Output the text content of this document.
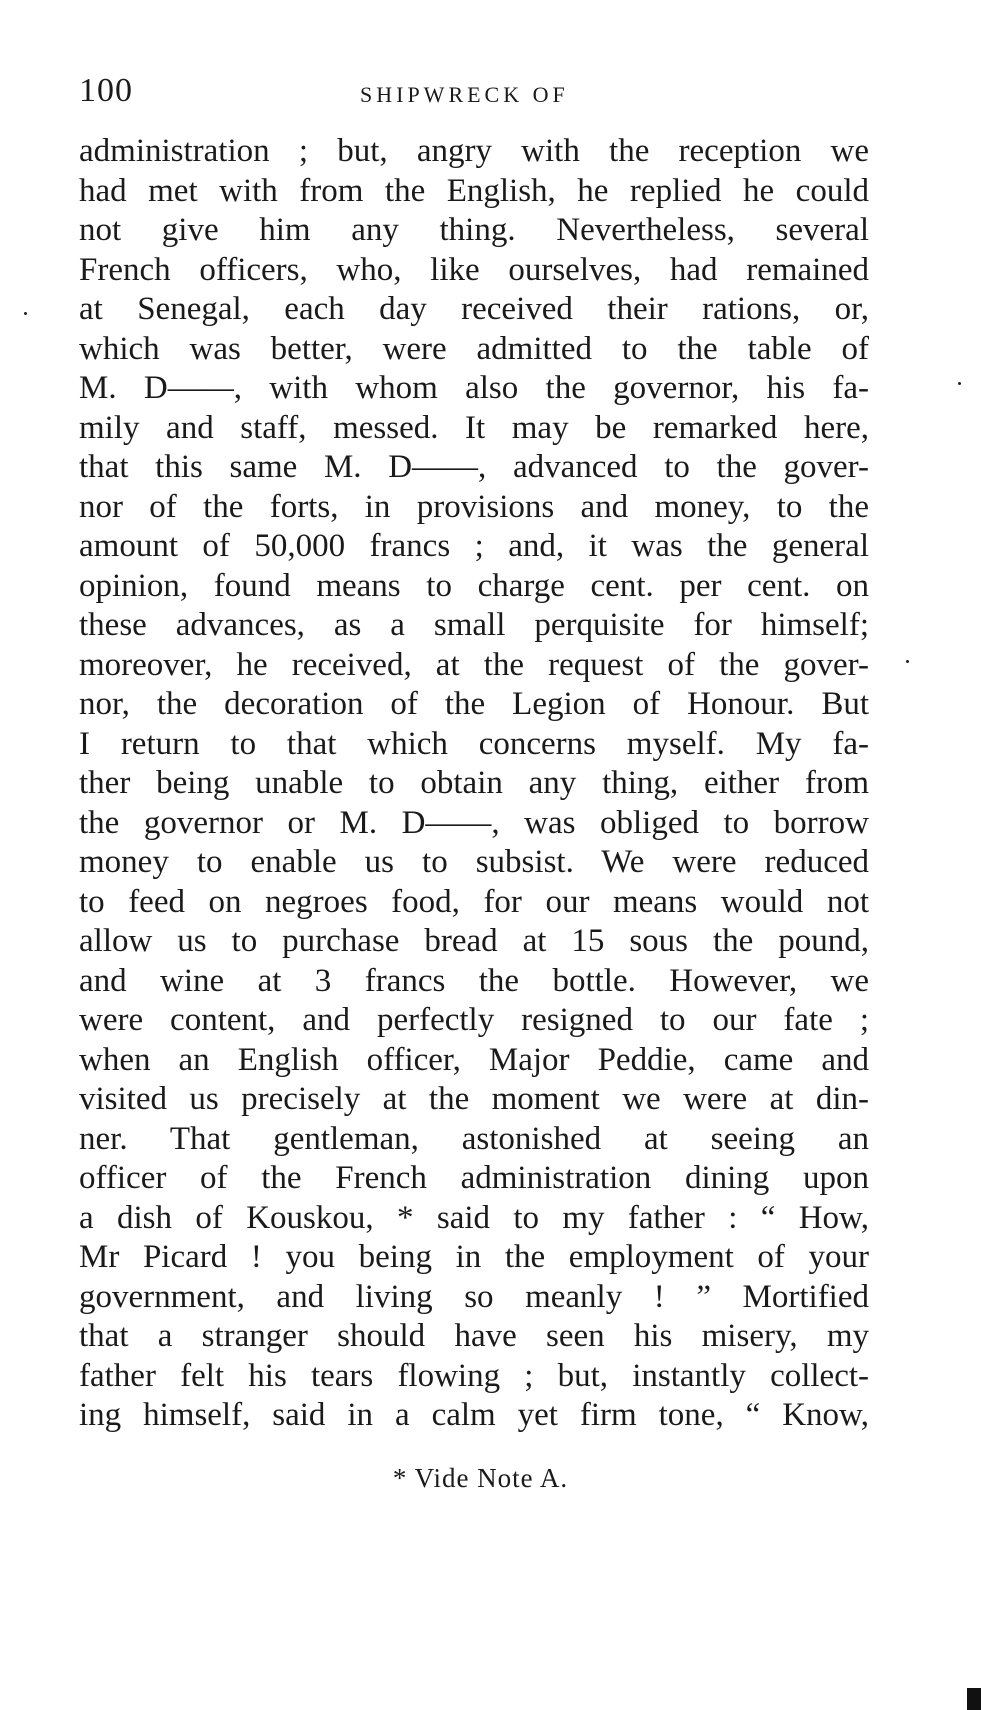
100	SHIPWRECK OF
administration ; but, angry with the reception we
had met with from the English, he replied he could
not give him any thing. Nevertheless, several
French officers, who, like ourselves, had remained
at Senegal, each day received their rations, or,
which was better, were admitted to the table of
M. D——, with whom also the governor, his fa-
mily and staff, messed. It may be remarked here,
that this same M. D——, advanced to the gover-
nor of the forts, in provisions and money, to the
amount of 50,000 francs ; and, it was the general
opinion, found means to charge cent. per cent. on
these advances, as a small perquisite for himself;
moreover, he received, at the request of the gover-
nor, the decoration of the Legion of Honour. But
I return to that which concerns myself. My fa-
ther being unable to obtain any thing, either from
the governor or M. D——, was obliged to borrow
money to enable us to subsist. We were reduced
to feed on negroes food, for our means would not
allow us to purchase bread at 15 sous the pound,
and wine at 3 francs the bottle. However, we
were content, and perfectly resigned to our fate ;
when an English officer, Major Peddie, came and
visited us precisely at the moment we were at din-
ner. That gentleman, astonished at seeing an
officer of the French administration dining upon
a dish of Kouskou, * said to my father : “ How,
Mr Picard ! you being in the employment of your
government, and living so meanly ! ” Mortified
that a stranger should have seen his misery, my
father felt his tears flowing ; but, instantly collect-
ing himself, said in a calm yet firm tone, “ Know,
* Vide Note A.
